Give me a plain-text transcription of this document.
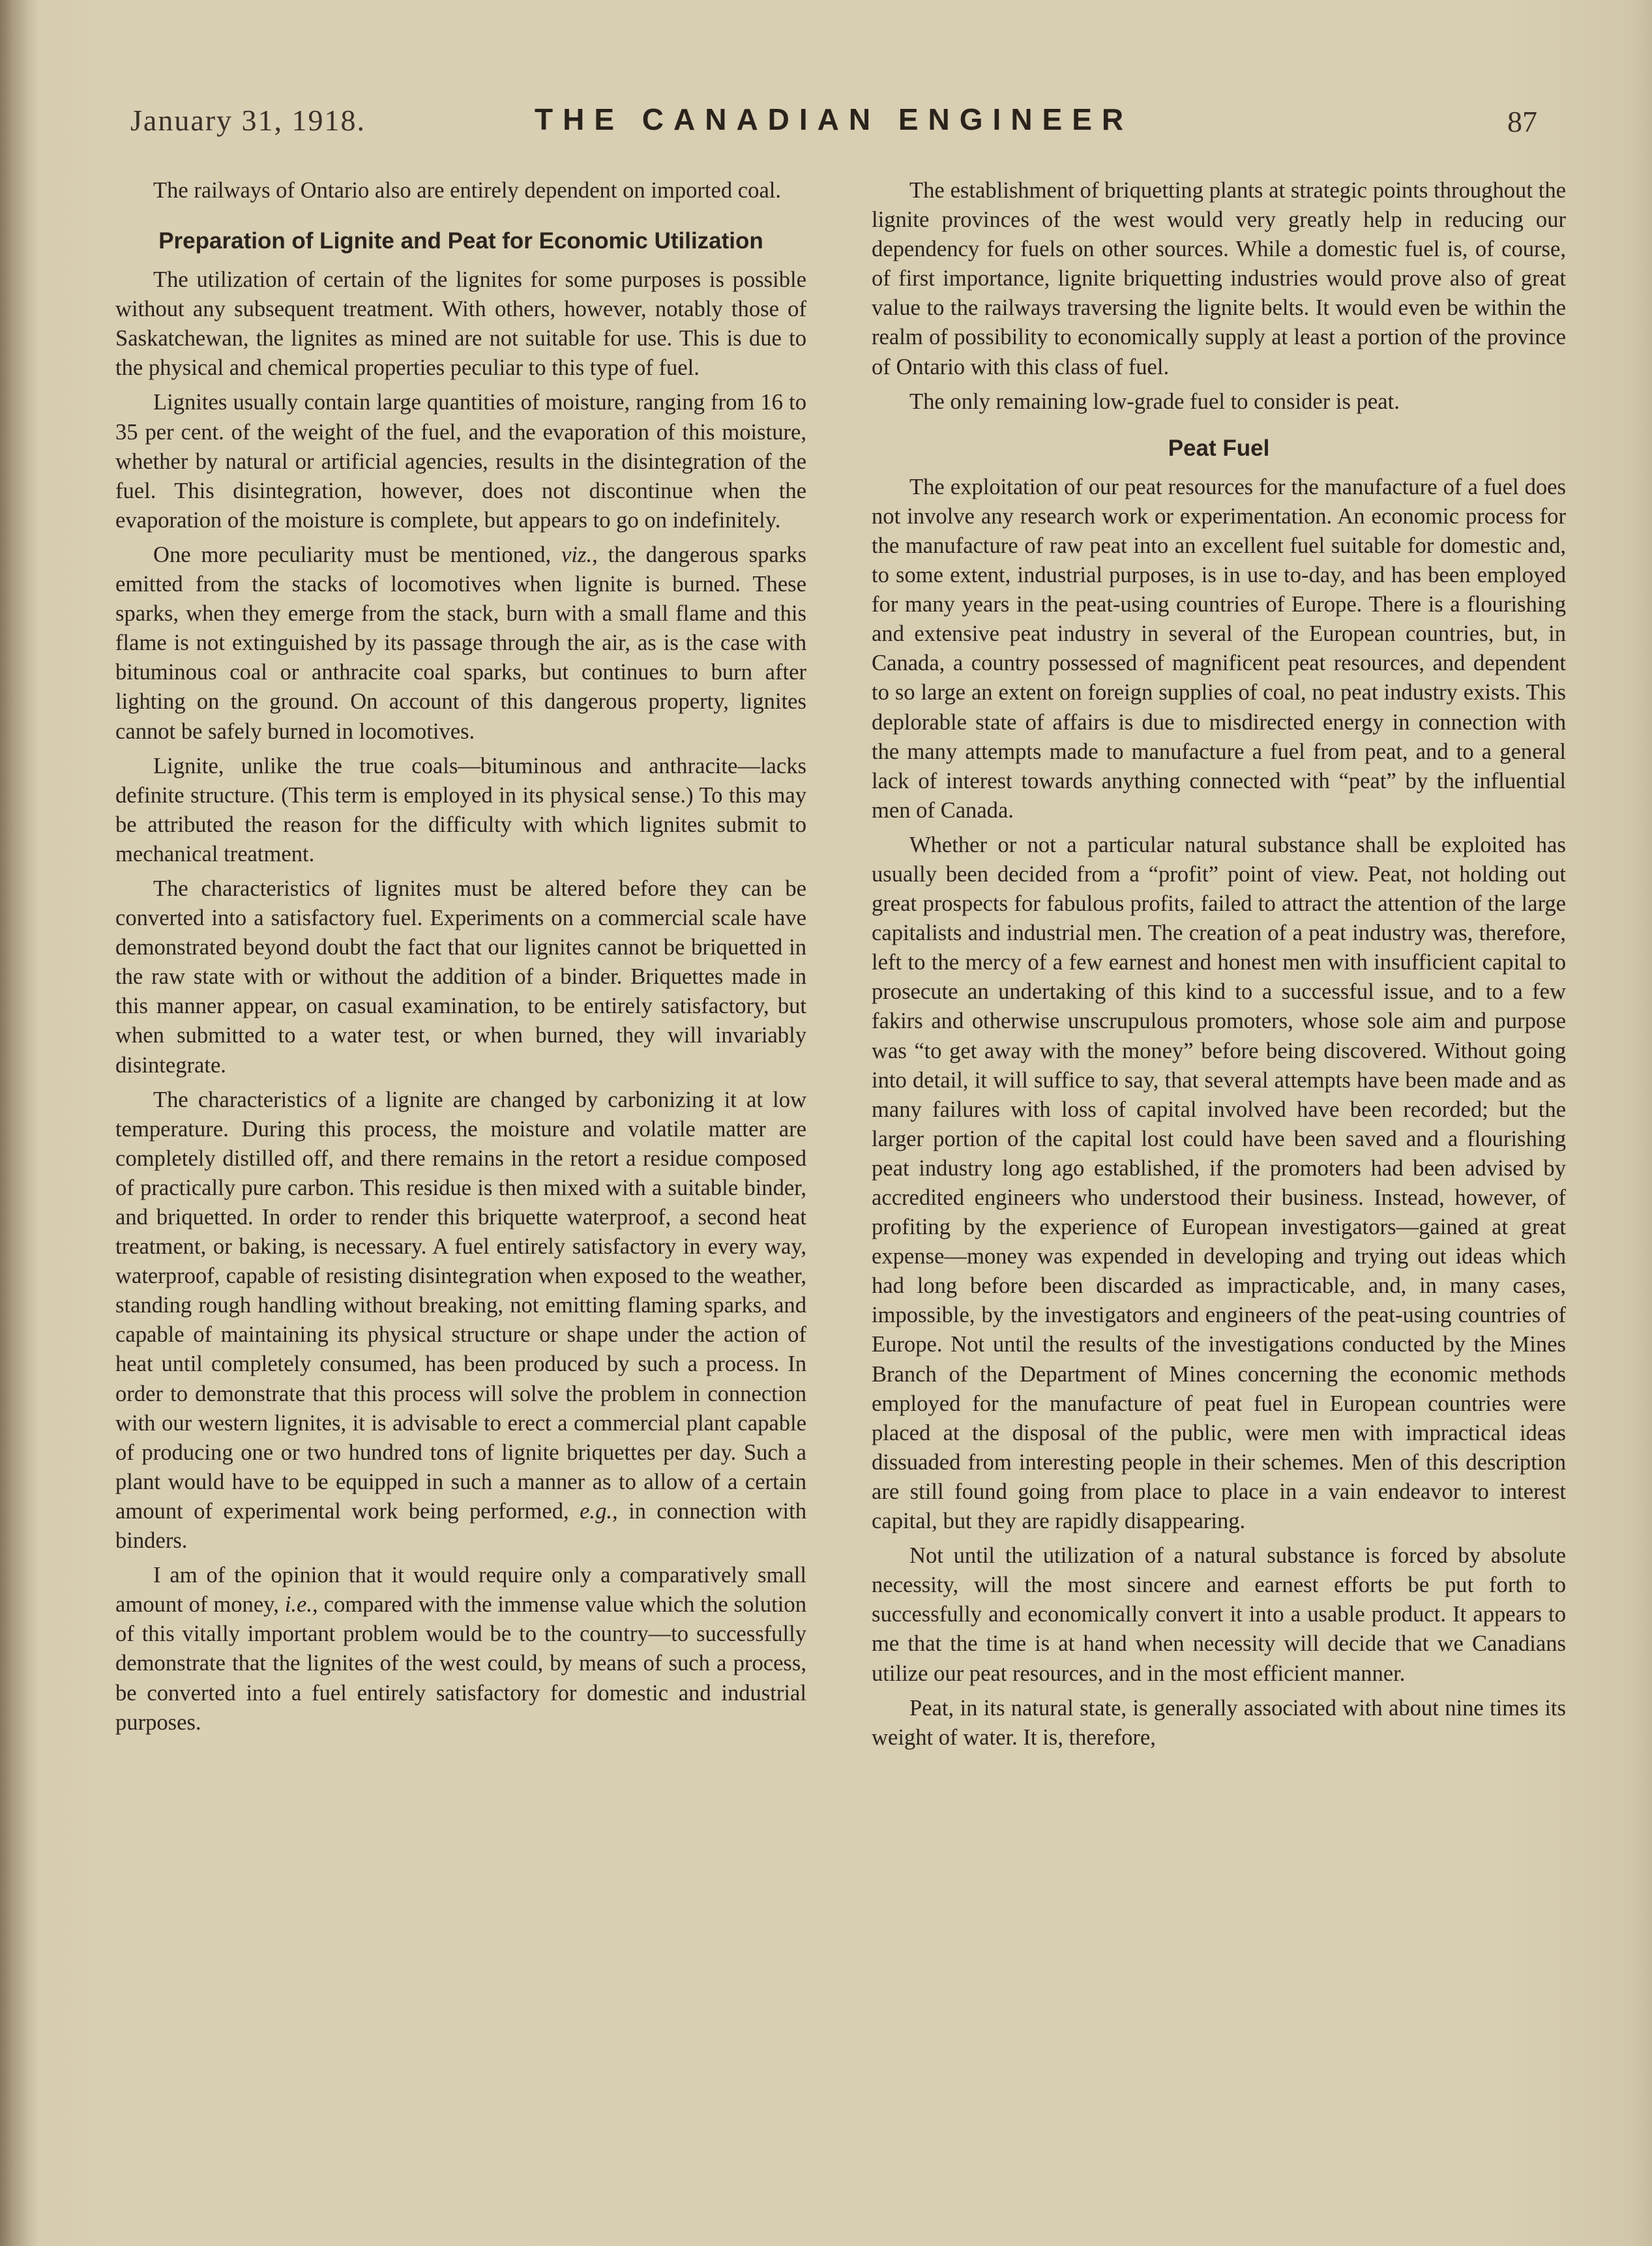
January 31, 1918.	THE CANADIAN ENGINEER	87

The railways of Ontario also are entirely dependent on imported coal.

Preparation of Lignite and Peat for Economic Utilization

The utilization of certain of the lignites for some purposes is possible without any subsequent treatment. With others, however, notably those of Saskatchewan, the lignites as mined are not suitable for use. This is due to the physical and chemical properties peculiar to this type of fuel.

Lignites usually contain large quantities of moisture, ranging from 16 to 35 per cent. of the weight of the fuel, and the evaporation of this moisture, whether by natural or artificial agencies, results in the disintegration of the fuel. This disintegration, however, does not discontinue when the evaporation of the moisture is complete, but appears to go on indefinitely.

One more peculiarity must be mentioned, viz., the dangerous sparks emitted from the stacks of locomotives when lignite is burned. These sparks, when they emerge from the stack, burn with a small flame and this flame is not extinguished by its passage through the air, as is the case with bituminous coal or anthracite coal sparks, but continues to burn after lighting on the ground. On account of this dangerous property, lignites cannot be safely burned in locomotives.

Lignite, unlike the true coals—bituminous and anthracite—lacks definite structure. (This term is employed in its physical sense.) To this may be attributed the reason for the difficulty with which lignites submit to mechanical treatment.

The characteristics of lignites must be altered before they can be converted into a satisfactory fuel. Experiments on a commercial scale have demonstrated beyond doubt the fact that our lignites cannot be briquetted in the raw state with or without the addition of a binder. Briquettes made in this manner appear, on casual examination, to be entirely satisfactory, but when submitted to a water test, or when burned, they will invariably disintegrate.

The characteristics of a lignite are changed by carbonizing it at low temperature. During this process, the moisture and volatile matter are completely distilled off, and there remains in the retort a residue composed of practically pure carbon. This residue is then mixed with a suitable binder, and briquetted. In order to render this briquette waterproof, a second heat treatment, or baking, is necessary. A fuel entirely satisfactory in every way, waterproof, capable of resisting disintegration when exposed to the weather, standing rough handling without breaking, not emitting flaming sparks, and capable of maintaining its physical structure or shape under the action of heat until completely consumed, has been produced by such a process. In order to demonstrate that this process will solve the problem in connection with our western lignites, it is advisable to erect a commercial plant capable of producing one or two hundred tons of lignite briquettes per day. Such a plant would have to be equipped in such a manner as to allow of a certain amount of experimental work being performed, e.g., in connection with binders.

I am of the opinion that it would require only a comparatively small amount of money, i.e., compared with the immense value which the solution of this vitally important problem would be to the country—to successfully demonstrate that the lignites of the west could, by means of such a process, be converted into a fuel entirely satisfactory for domestic and industrial purposes.

The establishment of briquetting plants at strategic points throughout the lignite provinces of the west would very greatly help in reducing our dependency for fuels on other sources. While a domestic fuel is, of course, of first importance, lignite briquetting industries would prove also of great value to the railways traversing the lignite belts. It would even be within the realm of possibility to economically supply at least a portion of the province of Ontario with this class of fuel.

The only remaining low-grade fuel to consider is peat.

Peat Fuel

The exploitation of our peat resources for the manufacture of a fuel does not involve any research work or experimentation. An economic process for the manufacture of raw peat into an excellent fuel suitable for domestic and, to some extent, industrial purposes, is in use to-day, and has been employed for many years in the peat-using countries of Europe. There is a flourishing and extensive peat industry in several of the European countries, but, in Canada, a country possessed of magnificent peat resources, and dependent to so large an extent on foreign supplies of coal, no peat industry exists. This deplorable state of affairs is due to misdirected energy in connection with the many attempts made to manufacture a fuel from peat, and to a general lack of interest towards anything connected with “peat” by the influential men of Canada.

Whether or not a particular natural substance shall be exploited has usually been decided from a “profit” point of view. Peat, not holding out great prospects for fabulous profits, failed to attract the attention of the large capitalists and industrial men. The creation of a peat industry was, therefore, left to the mercy of a few earnest and honest men with insufficient capital to prosecute an undertaking of this kind to a successful issue, and to a few fakirs and otherwise unscrupulous promoters, whose sole aim and purpose was “to get away with the money” before being discovered. Without going into detail, it will suffice to say, that several attempts have been made and as many failures with loss of capital involved have been recorded; but the larger portion of the capital lost could have been saved and a flourishing peat industry long ago established, if the promoters had been advised by accredited engineers who understood their business. Instead, however, of profiting by the experience of European investigators—gained at great expense—money was expended in developing and trying out ideas which had long before been discarded as impracticable, and, in many cases, impossible, by the investigators and engineers of the peat-using countries of Europe. Not until the results of the investigations conducted by the Mines Branch of the Department of Mines concerning the economic methods employed for the manufacture of peat fuel in European countries were placed at the disposal of the public, were men with impractical ideas dissuaded from interesting people in their schemes. Men of this description are still found going from place to place in a vain endeavor to interest capital, but they are rapidly disappearing.

Not until the utilization of a natural substance is forced by absolute necessity, will the most sincere and earnest efforts be put forth to successfully and economically convert it into a usable product. It appears to me that the time is at hand when necessity will decide that we Canadians utilize our peat resources, and in the most efficient manner.

Peat, in its natural state, is generally associated with about nine times its weight of water. It is, therefore,
